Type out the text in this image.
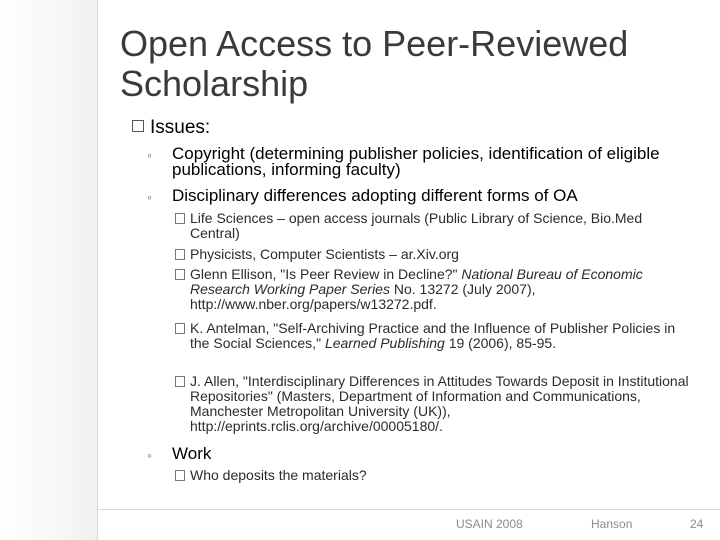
Open Access to Peer-Reviewed Scholarship
Issues:
◦ Copyright (determining publisher policies, identification of eligible publications, informing faculty)
◦ Disciplinary differences adopting different forms of OA
Life Sciences – open access journals (Public Library of Science, Bio.Med Central)
Physicists, Computer Scientists – ar.Xiv.org
Glenn Ellison, "Is Peer Review in Decline?" National Bureau of Economic Research Working Paper Series No. 13272 (July 2007), http://www.nber.org/papers/w13272.pdf.
K. Antelman, "Self-Archiving Practice and the Influence of Publisher Policies in the Social Sciences," Learned Publishing 19 (2006), 85-95.
J. Allen, "Interdisciplinary Differences in Attitudes Towards Deposit in Institutional Repositories" (Masters, Department of Information and Communications, Manchester Metropolitan University (UK)), http://eprints.rclis.org/archive/00005180/.
◦ Work
Who deposits the materials?
USAIN 2008	Hanson	24
